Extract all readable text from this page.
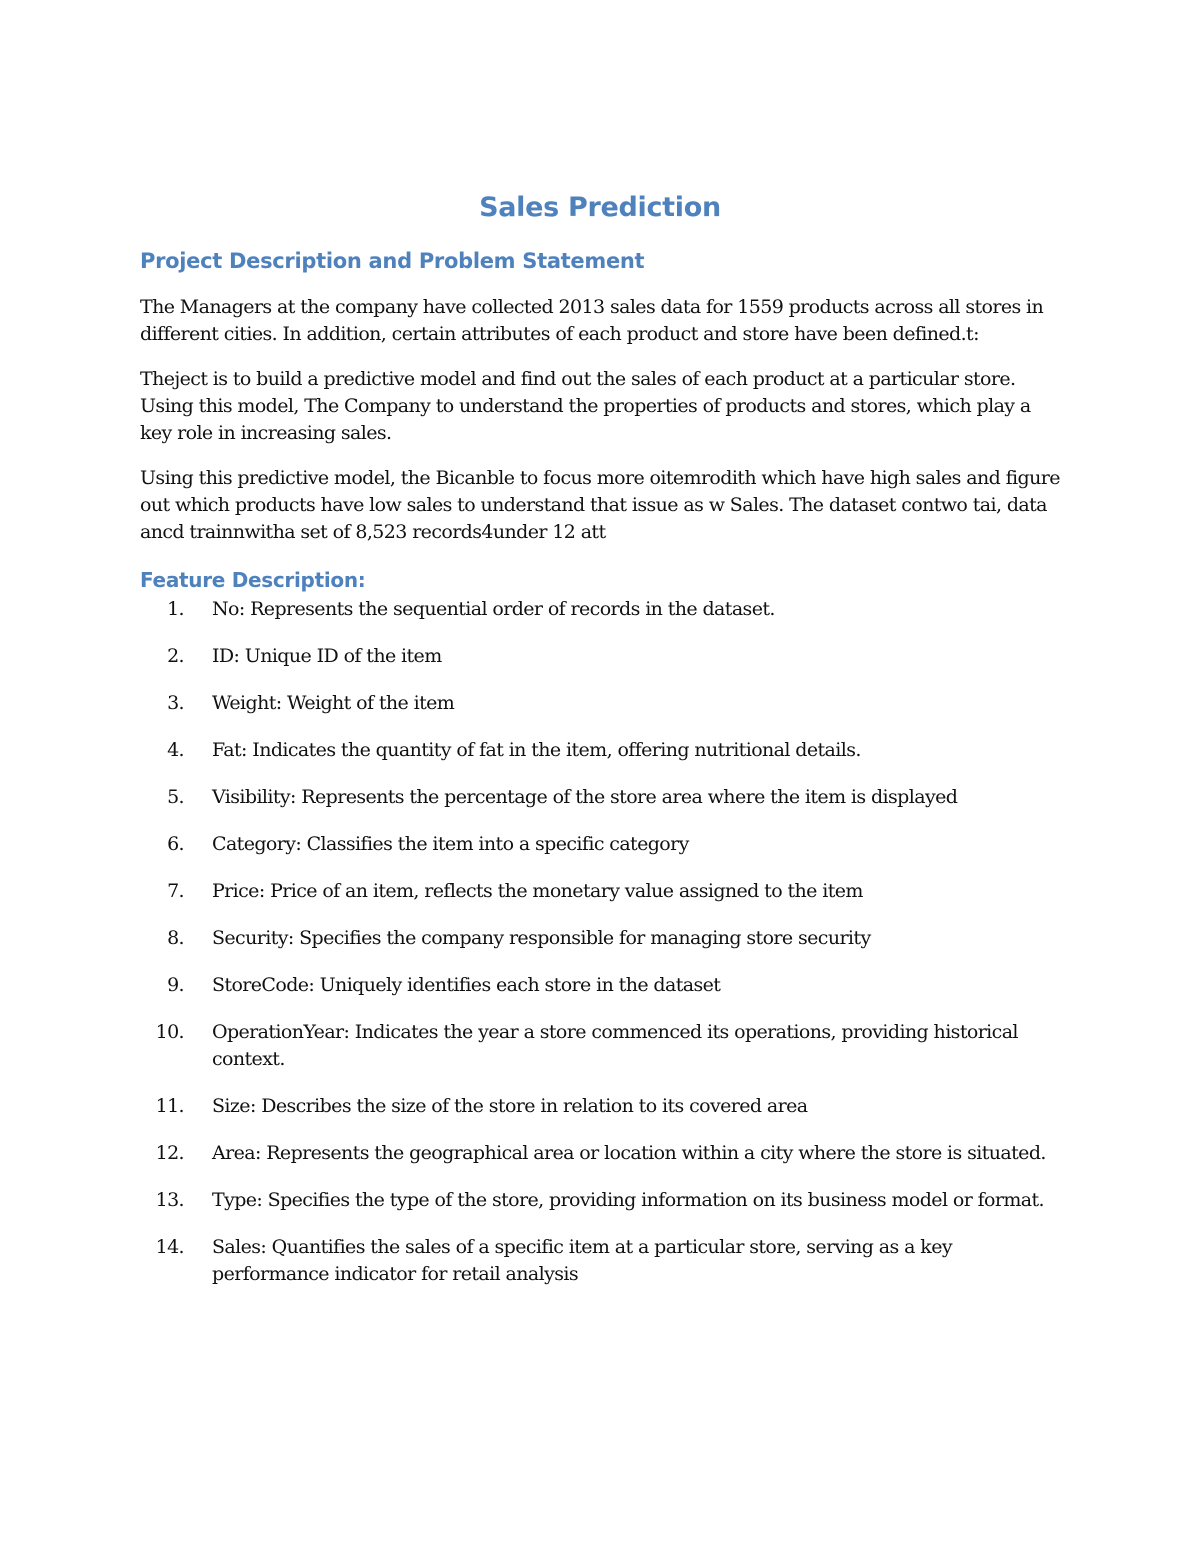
Sales Prediction
Project Description and Problem Statement

The Managers at the company have collected 2013 sales data for 1559 products across all stores in different cities. In addition, certain attributes of each product and store have been defined.t:

Theject is to build a predictive model and find out the sales of each product at a particular store. Using this model, The Company to understand the properties of products and stores, which play a key role in increasing sales.

Using this predictive model, the Bicanble to focus more oitemrodith which have high sales and figure out which products have low sales to understand that issue as w Sales. The dataset contwo tai, data ancd trainnwitha set of 8,523 records4under 12 att

Feature Description:
1.	No: Represents the sequential order of records in the dataset.
2.	ID: Unique ID of the item
3.	Weight: Weight of the item
4.	Fat: Indicates the quantity of fat in the item, offering nutritional details.
5.	Visibility: Represents the percentage of the store area where the item is displayed
6.	Category: Classifies the item into a specific category
7.	Price: Price of an item, reflects the monetary value assigned to the item
8.	Security: Specifies the company responsible for managing store security
9.	StoreCode: Uniquely identifies each store in the dataset
10.	OperationYear: Indicates the year a store commenced its operations, providing historical context.
11.	Size: Describes the size of the store in relation to its covered area
12.	Area: Represents the geographical area or location within a city where the store is situated.
13.	Type: Specifies the type of the store, providing information on its business model or format.
14.	Sales: Quantifies the sales of a specific item at a particular store, serving as a key performance indicator for retail analysis
